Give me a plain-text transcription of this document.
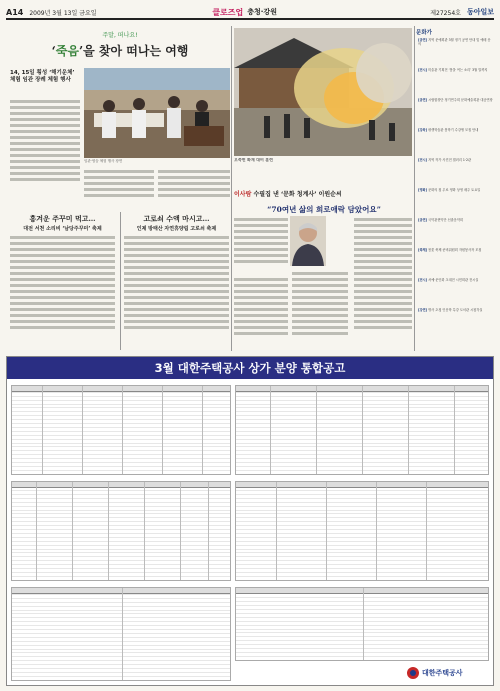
A14 2009년 3월 13일 금요일	클로즈업 충청·강원	제27254호 동아일보
주말, 떠나요!
‘죽음’을 찾아 떠나는 여행
14, 15일 횡성 ‘해기운체’ 체험 임관 장례 체험 행사
임관·염습 체험 행사 장면
흥겨운 주꾸미 먹고…
대전 서천 소리비 ‘남당주꾸미’ 축제
고로쇠 수액 마시고…
인제 방태산 자연휴양림 고로쇠 축제
오죽헌 화재 대비 훈련
이사람 수필집 낸 ‘문화 청계사’ 이원순씨
“70여년 삶의 희로애락 담았어요”
문화가
[공연] 지역 문예회관 3월 정기 공연 안내 및 예매 문의
[전시] 미술관 기획전 ‘봄을 여는 소리’ 3월 말까지
[공연] 시립합창단 정기연주회 문화예술회관 대공연장
[강좌] 평생학습관 봄학기 수강생 모집 안내
[전시] 지역 작가 사진전 갤러리 1·2관
[영화] 문화의 집 무료 영화 상영 매주 토요일
[공연] 국악관현악단 신춘음악회
[축제] 봄꽃 축제 준비위원회 자원봉사자 모집
[전시] 서예·문인화 초대전 시민회관 전시실
[강연] 명사 초청 인문학 특강 도서관 시청각실
3월 대한주택공사 상가 분양 통합공고
대한주택공사
